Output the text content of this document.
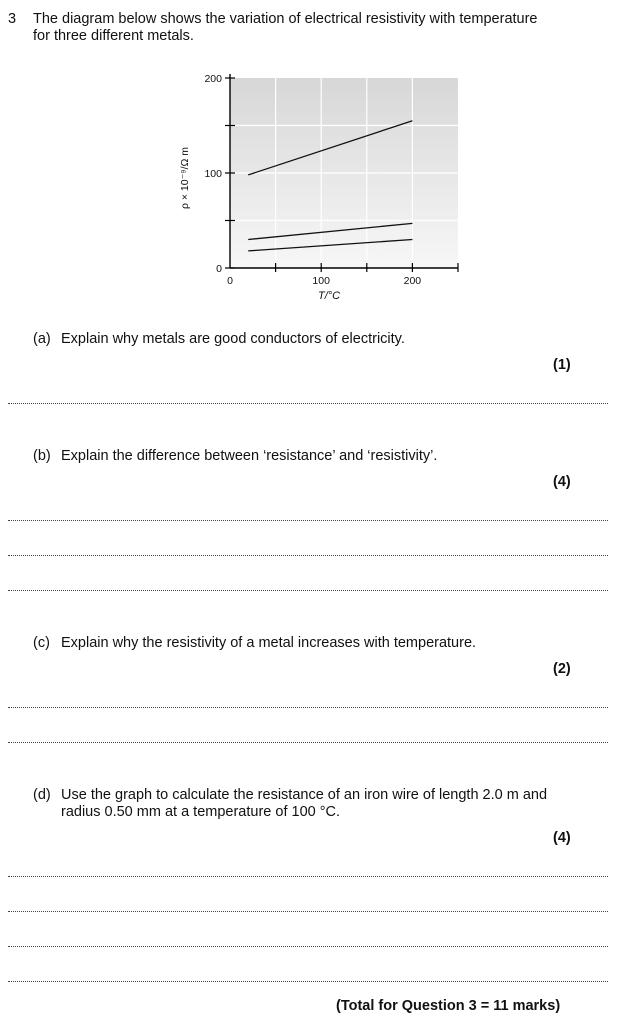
3 The diagram below shows the variation of electrical resistivity with temperature
for three different metals.
0	100	200
0
100
200
T/°C
ρ × 10⁻⁹/Ω m
(a) Explain why metals are good conductors of electricity.
(1)
(b) Explain the difference between ‘resistance’ and ‘resistivity’.
(4)
(c) Explain why the resistivity of a metal increases with temperature.
(2)
(d) Use the graph to calculate the resistance of an iron wire of length 2.0 m and
radius 0.50 mm at a temperature of 100 °C.
(4)
(Total for Question 3 = 11 marks)
